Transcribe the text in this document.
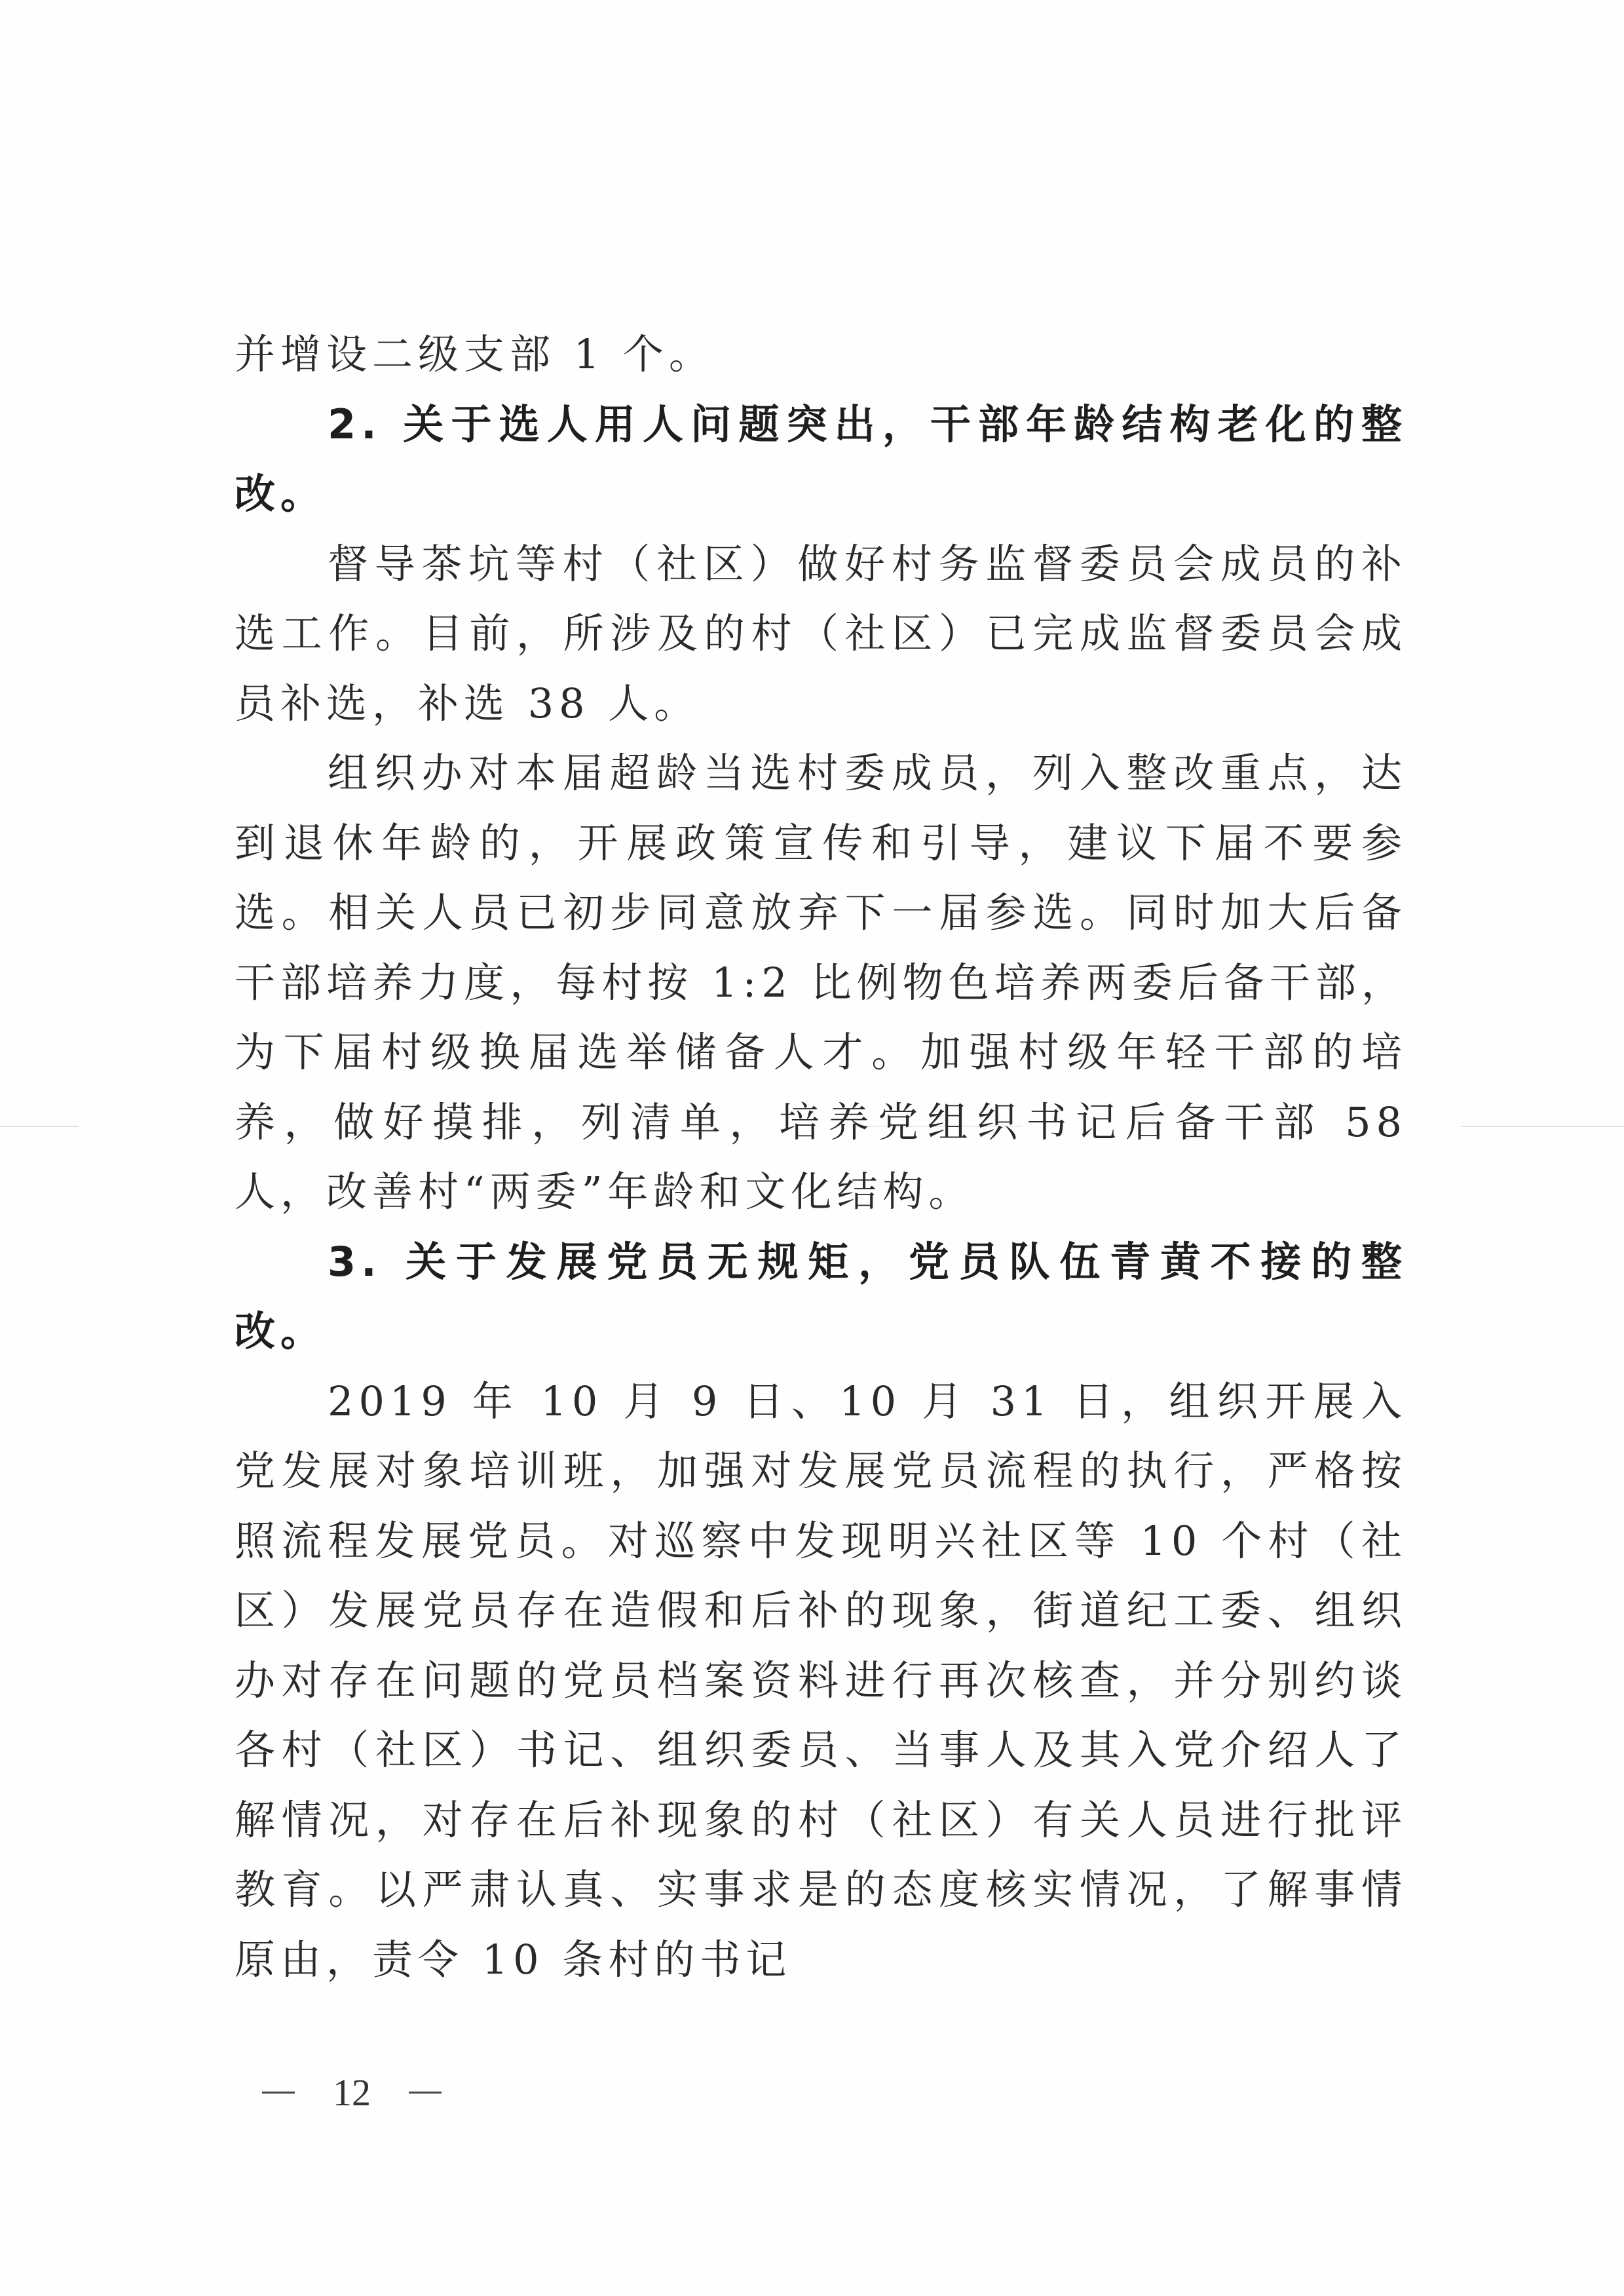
并增设二级支部 1 个。

2. 关于选人用人问题突出，干部年龄结构老化的整改。

督导茶坑等村（社区）做好村务监督委员会成员的补选工作。目前，所涉及的村（社区）已完成监督委员会成员补选，补选 38 人。

组织办对本届超龄当选村委成员，列入整改重点，达到退休年龄的，开展政策宣传和引导，建议下届不要参选。相关人员已初步同意放弃下一届参选。同时加大后备干部培养力度，每村按 1:2 比例物色培养两委后备干部，为下届村级换届选举储备人才。加强村级年轻干部的培养，做好摸排，列清单，培养党组织书记后备干部 58 人，改善村“两委”年龄和文化结构。

3. 关于发展党员无规矩，党员队伍青黄不接的整改。

2019 年 10 月 9 日、10 月 31 日，组织开展入党发展对象培训班，加强对发展党员流程的执行，严格按照流程发展党员。对巡察中发现明兴社区等 10 个村（社区）发展党员存在造假和后补的现象，街道纪工委、组织办对存在问题的党员档案资料进行再次核查，并分别约谈各村（社区）书记、组织委员、当事人及其入党介绍人了解情况，对存在后补现象的村（社区）有关人员进行批评教育。以严肃认真、实事求是的态度核实情况，了解事情原由，责令 10 条村的书记

12
